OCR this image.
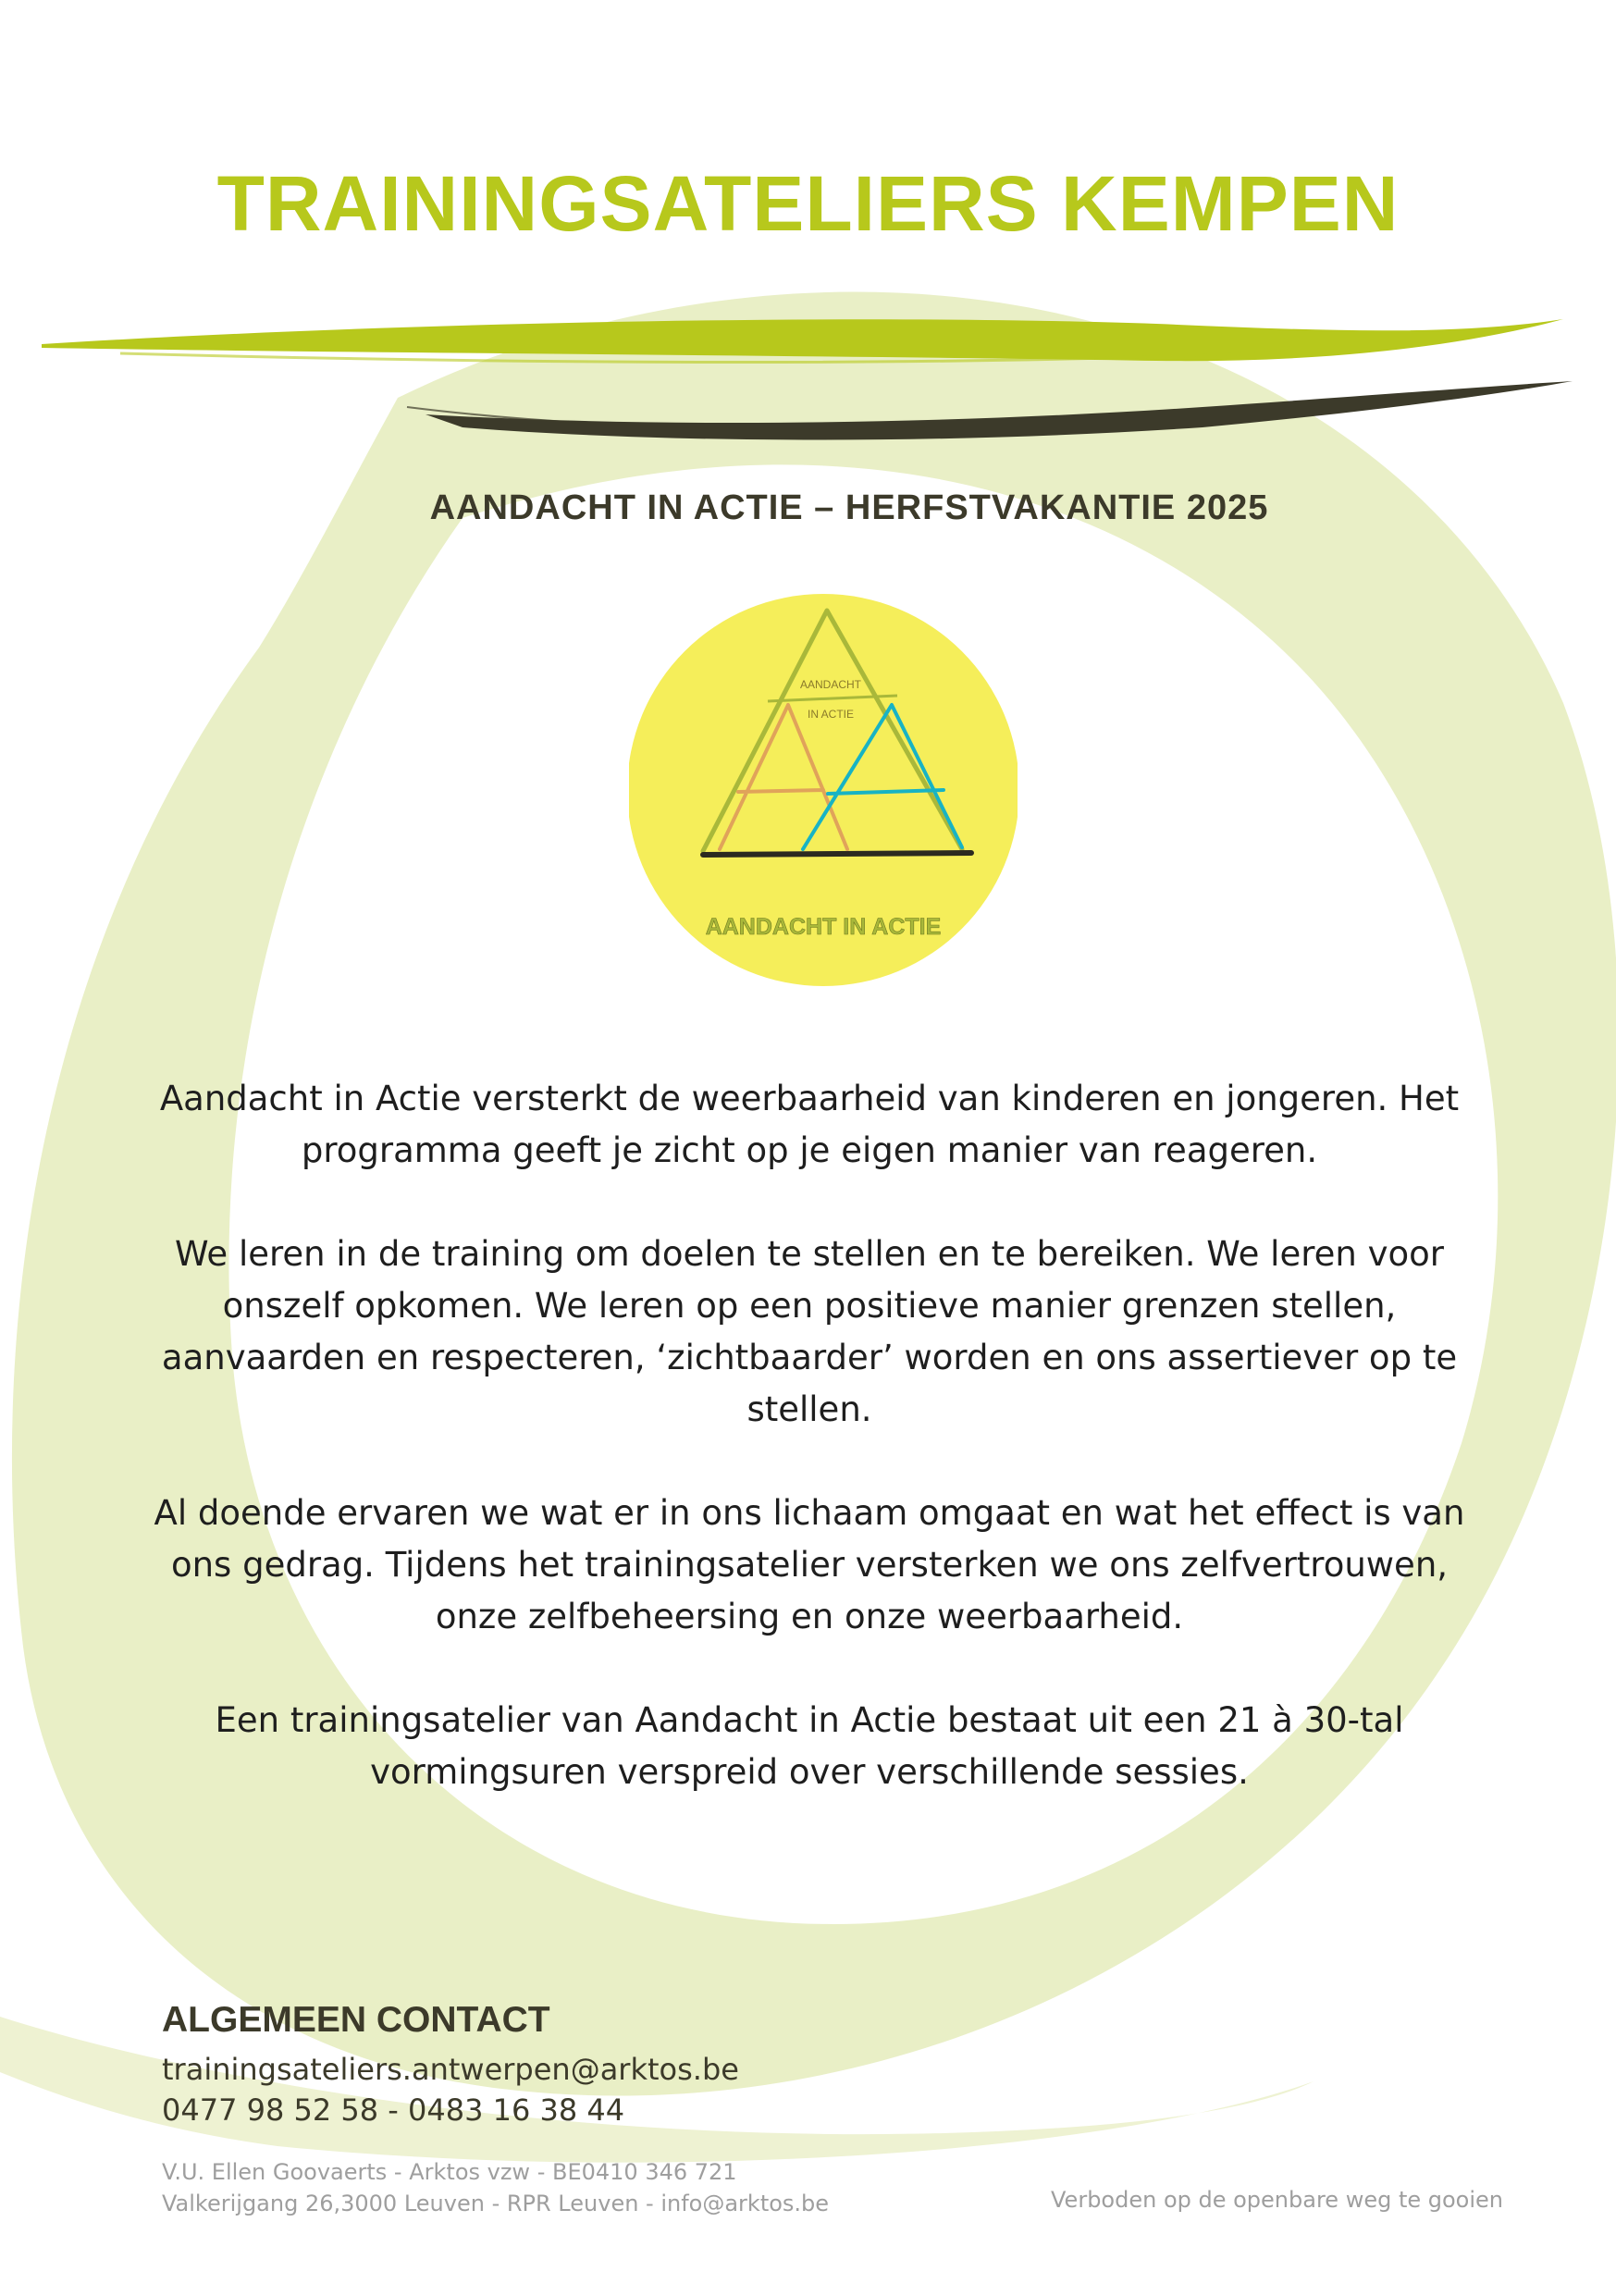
TRAININGSATELIERS KEMPEN
AANDACHT IN ACTIE – HERFSTVAKANTIE 2025
AANDACHT
IN ACTIE
AANDACHT IN ACTIE

Aandacht in Actie versterkt de weerbaarheid van kinderen en jongeren. Het programma geeft je zicht op je eigen manier van reageren.

We leren in de training om doelen te stellen en te bereiken. We leren voor onszelf opkomen. We leren op een positieve manier grenzen stellen, aanvaarden en respecteren, ‘zichtbaarder’ worden en ons assertiever op te stellen.

Al doende ervaren we wat er in ons lichaam omgaat en wat het effect is van ons gedrag. Tijdens het trainingsatelier versterken we ons zelfvertrouwen, onze zelfbeheersing en onze weerbaarheid.

Een trainingsatelier van Aandacht in Actie bestaat uit een 21 à 30-tal vormingsuren verspreid over verschillende sessies.

ALGEMEEN CONTACT
trainingsateliers.antwerpen@arktos.be
0477 98 52 58 - 0483 16 38 44
V.U. Ellen Goovaerts - Arktos vzw - BE0410 346 721
Valkerijgang 26,3000 Leuven - RPR Leuven - info@arktos.be	Verboden op de openbare weg te gooien
